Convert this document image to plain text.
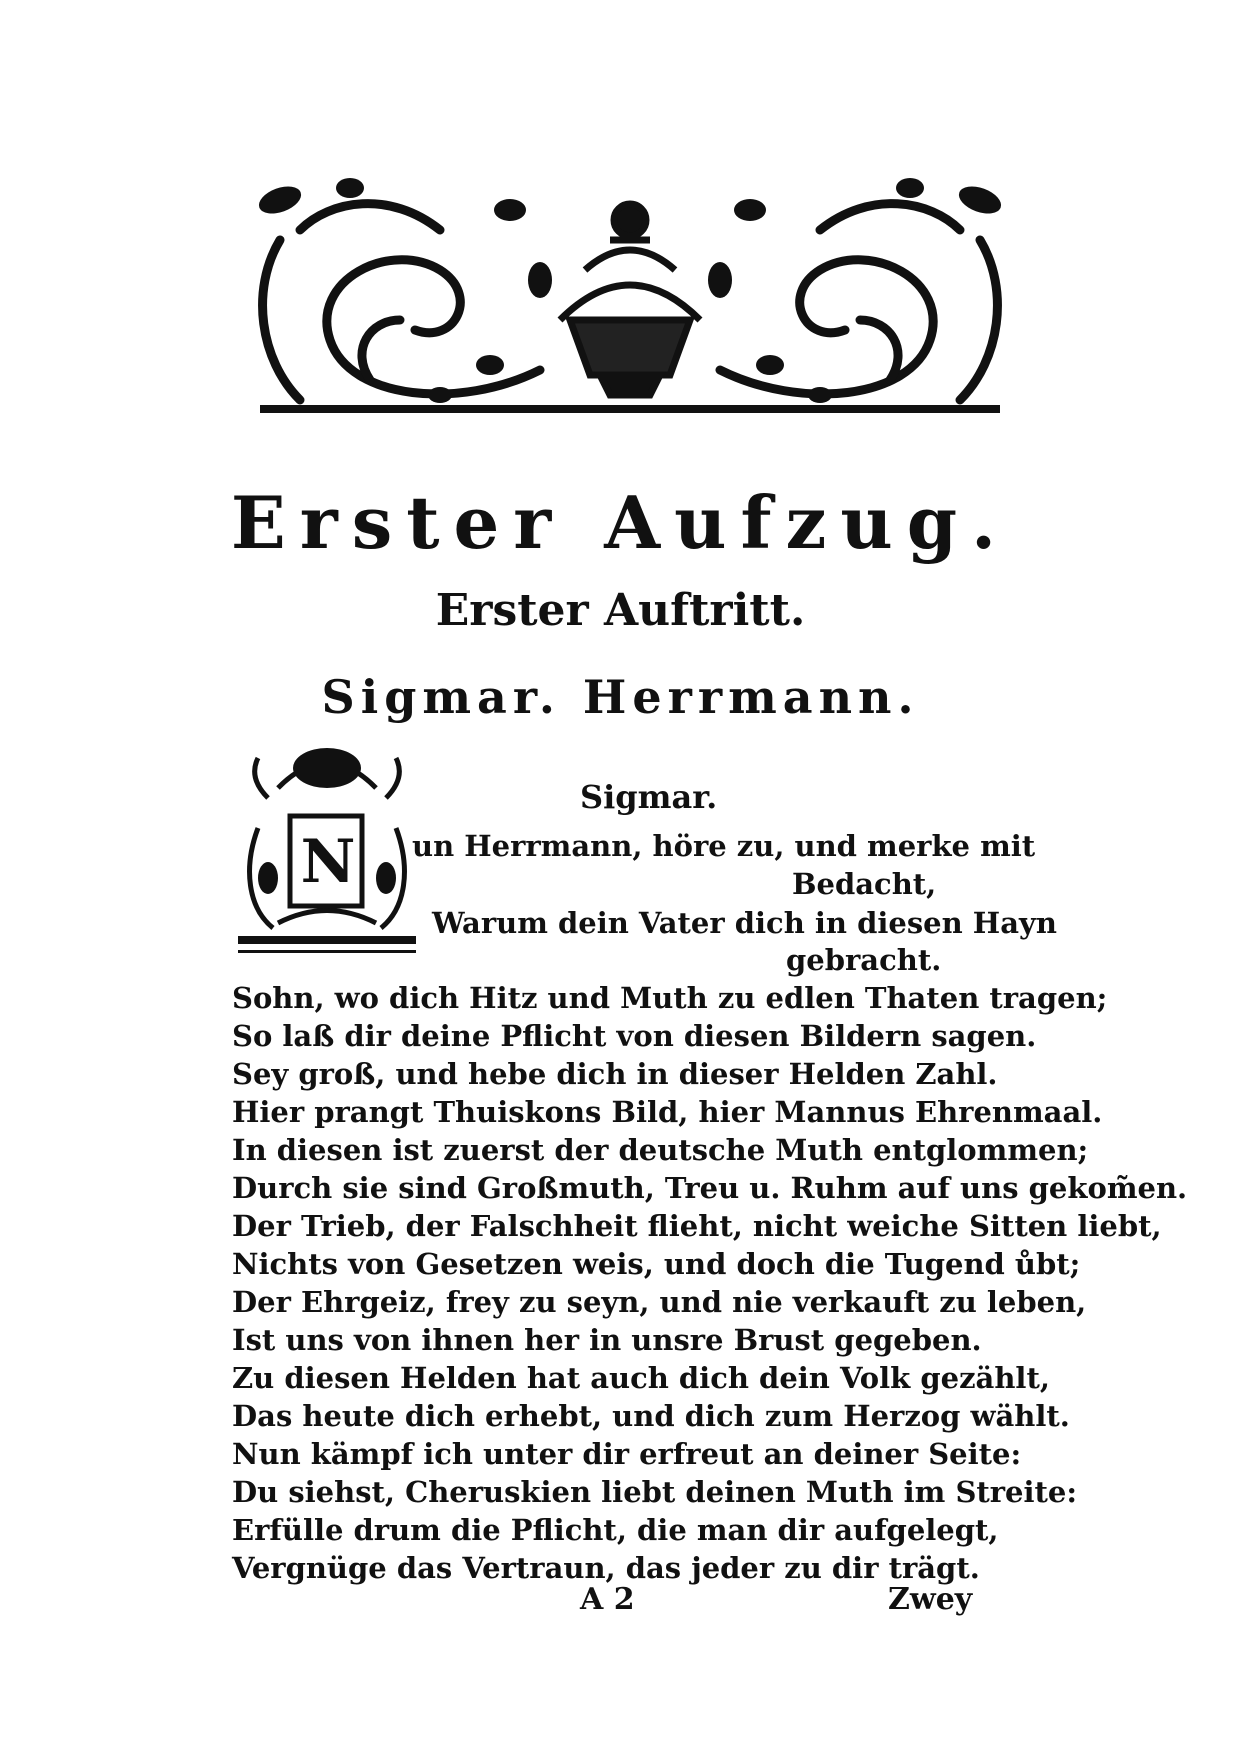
Erster Aufzug.
Erster Auftritt.
Sigmar. Herrmann.
N
Sigmar.
un Herrmann, höre zu, und merke mit
Bedacht,
Warum dein Vater dich in diesen Hayn
gebracht.
Sohn, wo dich Hitz und Muth zu edlen Thaten tragen;
So laß dir deine Pflicht von diesen Bildern sagen.
Sey groß, und hebe dich in dieser Helden Zahl.
Hier prangt Thuiskons Bild, hier Mannus Ehrenmaal.
In diesen ist zuerst der deutsche Muth entglommen;
Durch sie sind Großmuth, Treu u. Ruhm auf uns gekom̃en.
Der Trieb, der Falschheit flieht, nicht weiche Sitten liebt,
Nichts von Gesetzen weis, und doch die Tugend ůbt;
Der Ehrgeiz, frey zu seyn, und nie verkauft zu leben,
Ist uns von ihnen her in unsre Brust gegeben.
Zu diesen Helden hat auch dich dein Volk gezählt,
Das heute dich erhebt, und dich zum Herzog wählt.
Nun kämpf ich unter dir erfreut an deiner Seite:
Du siehst, Cheruskien liebt deinen Muth im Streite:
Erfülle drum die Pflicht, die man dir aufgelegt,
Vergnüge das Vertraun, das jeder zu dir trägt.
A 2	Zwey
